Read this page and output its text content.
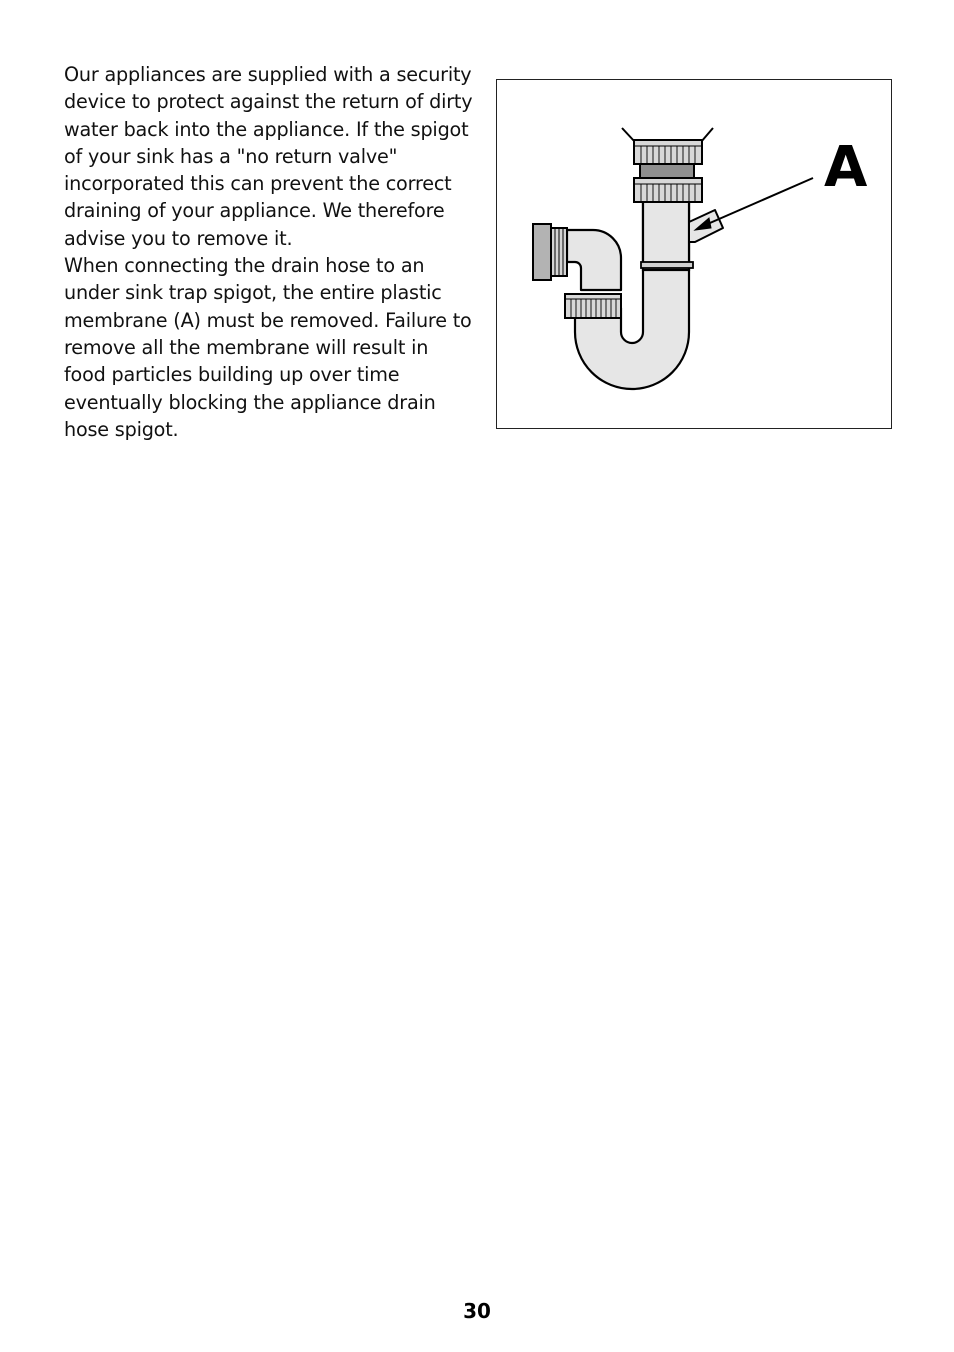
Our appliances are supplied with a security device to protect against the return of dirty water back into the appliance. If the spigot of your sink has a "no return valve" incorporated this can prevent the correct draining of your appliance. We therefore advise you to remove it.

When connecting the drain hose to an under sink trap spigot, the entire plastic membrane (A) must be removed. Failure to remove all the membrane will result in food particles building up over time eventually blocking the appliance drain hose spigot.

A
30
